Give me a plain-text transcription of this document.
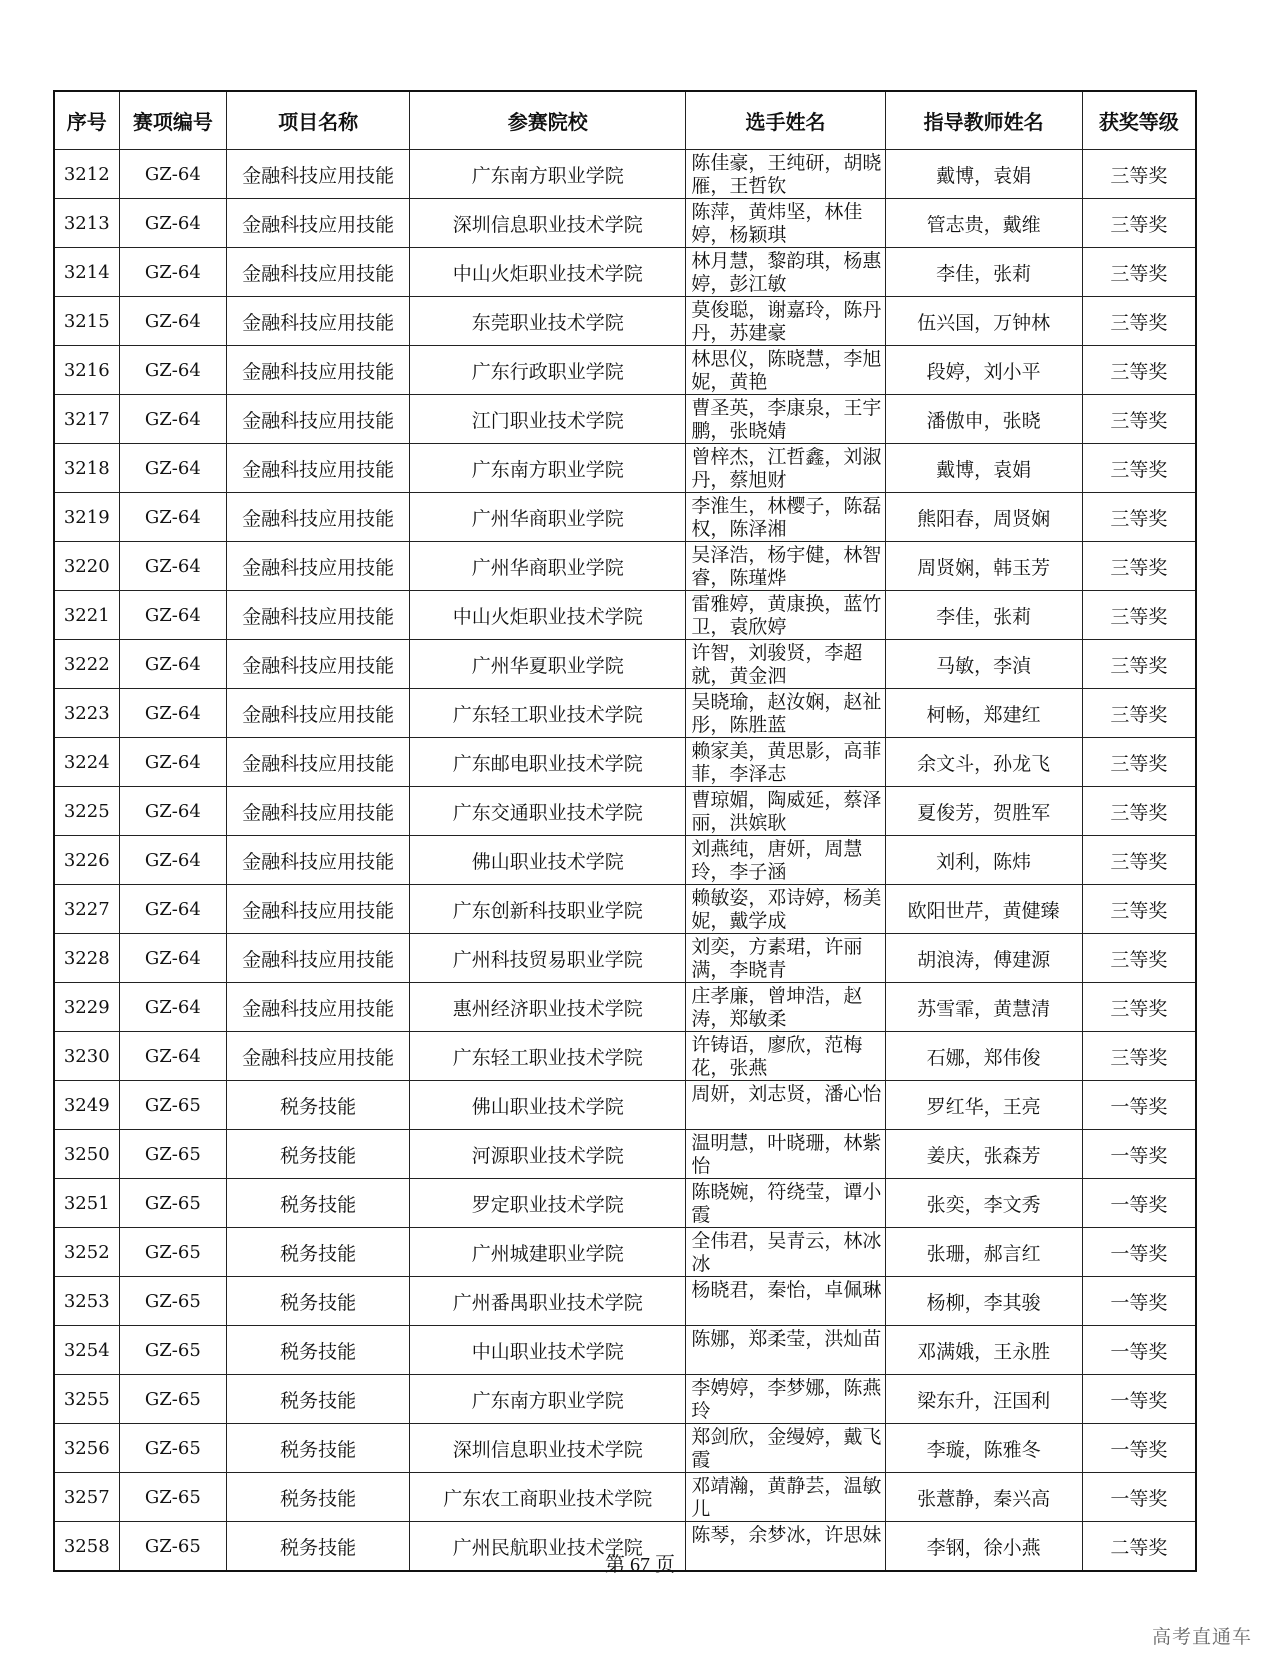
序号	赛项编号	项目名称	参赛院校	选手姓名	指导教师姓名	获奖等级
3212	GZ-64	金融科技应用技能	广东南方职业学院	陈佳豪，王纯研，胡晓雁，王哲钦	戴博，袁娟	三等奖
3213	GZ-64	金融科技应用技能	深圳信息职业技术学院	陈萍，黄炜坚，林佳婷，杨颖琪	管志贵，戴维	三等奖
3214	GZ-64	金融科技应用技能	中山火炬职业技术学院	林月慧，黎韵琪，杨惠婷，彭江敏	李佳，张莉	三等奖
3215	GZ-64	金融科技应用技能	东莞职业技术学院	莫俊聪，谢嘉玲，陈丹丹，苏建豪	伍兴国，万钟林	三等奖
3216	GZ-64	金融科技应用技能	广东行政职业学院	林思仪，陈晓慧，李旭妮，黄艳	段婷，刘小平	三等奖
3217	GZ-64	金融科技应用技能	江门职业技术学院	曹圣英，李康泉，王宇鹏，张晓婧	潘傲申，张晓	三等奖
3218	GZ-64	金融科技应用技能	广东南方职业学院	曾梓杰，江哲鑫，刘淑丹，蔡旭财	戴博，袁娟	三等奖
3219	GZ-64	金融科技应用技能	广州华商职业学院	李淮生，林樱子，陈磊权，陈泽湘	熊阳春，周贤娴	三等奖
3220	GZ-64	金融科技应用技能	广州华商职业学院	吴泽浩，杨宇健，林智睿，陈瑾烨	周贤娴，韩玉芳	三等奖
3221	GZ-64	金融科技应用技能	中山火炬职业技术学院	雷雅婷，黄康换，蓝竹卫，袁欣婷	李佳，张莉	三等奖
3222	GZ-64	金融科技应用技能	广州华夏职业学院	许智，刘骏贤，李超就，黄金泗	马敏，李湞	三等奖
3223	GZ-64	金融科技应用技能	广东轻工职业技术学院	吴晓瑜，赵汝娴，赵祉彤，陈胜蓝	柯畅，郑建红	三等奖
3224	GZ-64	金融科技应用技能	广东邮电职业技术学院	赖家美，黄思影，高菲菲，李泽志	余文斗，孙龙飞	三等奖
3225	GZ-64	金融科技应用技能	广东交通职业技术学院	曹琼媚，陶威延，蔡泽丽，洪嫔耿	夏俊芳，贺胜军	三等奖
3226	GZ-64	金融科技应用技能	佛山职业技术学院	刘燕纯，唐妍，周慧玲，李子涵	刘利，陈炜	三等奖
3227	GZ-64	金融科技应用技能	广东创新科技职业学院	赖敏姿，邓诗婷，杨美妮，戴学成	欧阳世芹，黄健臻	三等奖
3228	GZ-64	金融科技应用技能	广州科技贸易职业学院	刘奕，方素珺，许丽满，李晓青	胡浪涛，傅建源	三等奖
3229	GZ-64	金融科技应用技能	惠州经济职业技术学院	庄孝廉，曾坤浩，赵涛，郑敏柔	苏雪霏，黄慧清	三等奖
3230	GZ-64	金融科技应用技能	广东轻工职业技术学院	许铸语，廖欣，范梅花，张燕	石娜，郑伟俊	三等奖
3249	GZ-65	税务技能	佛山职业技术学院	周妍，刘志贤，潘心怡	罗红华，王亮	一等奖
3250	GZ-65	税务技能	河源职业技术学院	温明慧，叶晓珊，林紫怡	姜庆，张森芳	一等奖
3251	GZ-65	税务技能	罗定职业技术学院	陈晓婉，符绕莹，谭小霞	张奕，李文秀	一等奖
3252	GZ-65	税务技能	广州城建职业学院	全伟君，吴青云，林冰冰	张珊，郝言红	一等奖
3253	GZ-65	税务技能	广州番禺职业技术学院	杨晓君，秦怡，卓佩琳	杨柳，李其骏	一等奖
3254	GZ-65	税务技能	中山职业技术学院	陈娜，郑柔莹，洪灿苗	邓满娥，王永胜	一等奖
3255	GZ-65	税务技能	广东南方职业学院	李娉婷，李梦娜，陈燕玲	梁东升，汪国利	一等奖
3256	GZ-65	税务技能	深圳信息职业技术学院	郑剑欣，金缦婷，戴飞霞	李璇，陈雅冬	一等奖
3257	GZ-65	税务技能	广东农工商职业技术学院	邓靖瀚，黄静芸，温敏儿	张薏静，秦兴高	一等奖
3258	GZ-65	税务技能	广州民航职业技术学院	陈琴，余梦冰，许思妹	李钢，徐小燕	二等奖
第 67 页
高考直通车
